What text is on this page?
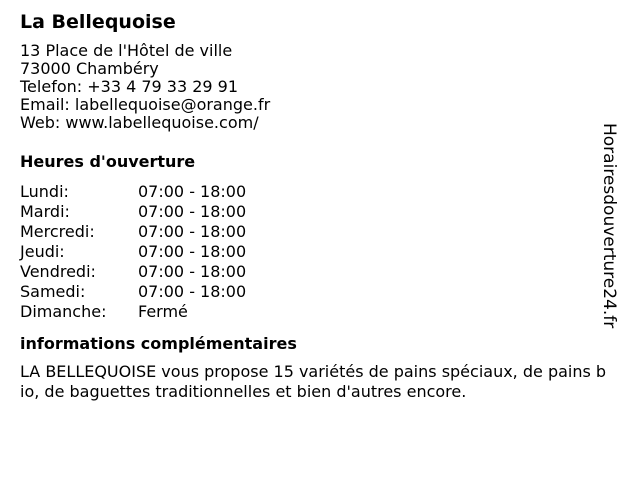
La Bellequoise

13 Place de l'Hôtel de ville

73000 Chambéry

Telefon: +33 4 79 33 29 91

Email: labellequoise@orange.fr

Web: www.labellequoise.com/

Heures d'ouverture
Lundi:	07:00 - 18:00
Mardi:	07:00 - 18:00
Mercredi:	07:00 - 18:00
Jeudi:	07:00 - 18:00
Vendredi:	07:00 - 18:00
Samedi:	07:00 - 18:00
Dimanche:	Fermé
informations complémentaires

LA BELLEQUOISE vous propose 15 variétés de pains spéciaux, de pains bio, de baguettes traditionnelles et bien d'autres encore.

Horairesdouverture24.fr
